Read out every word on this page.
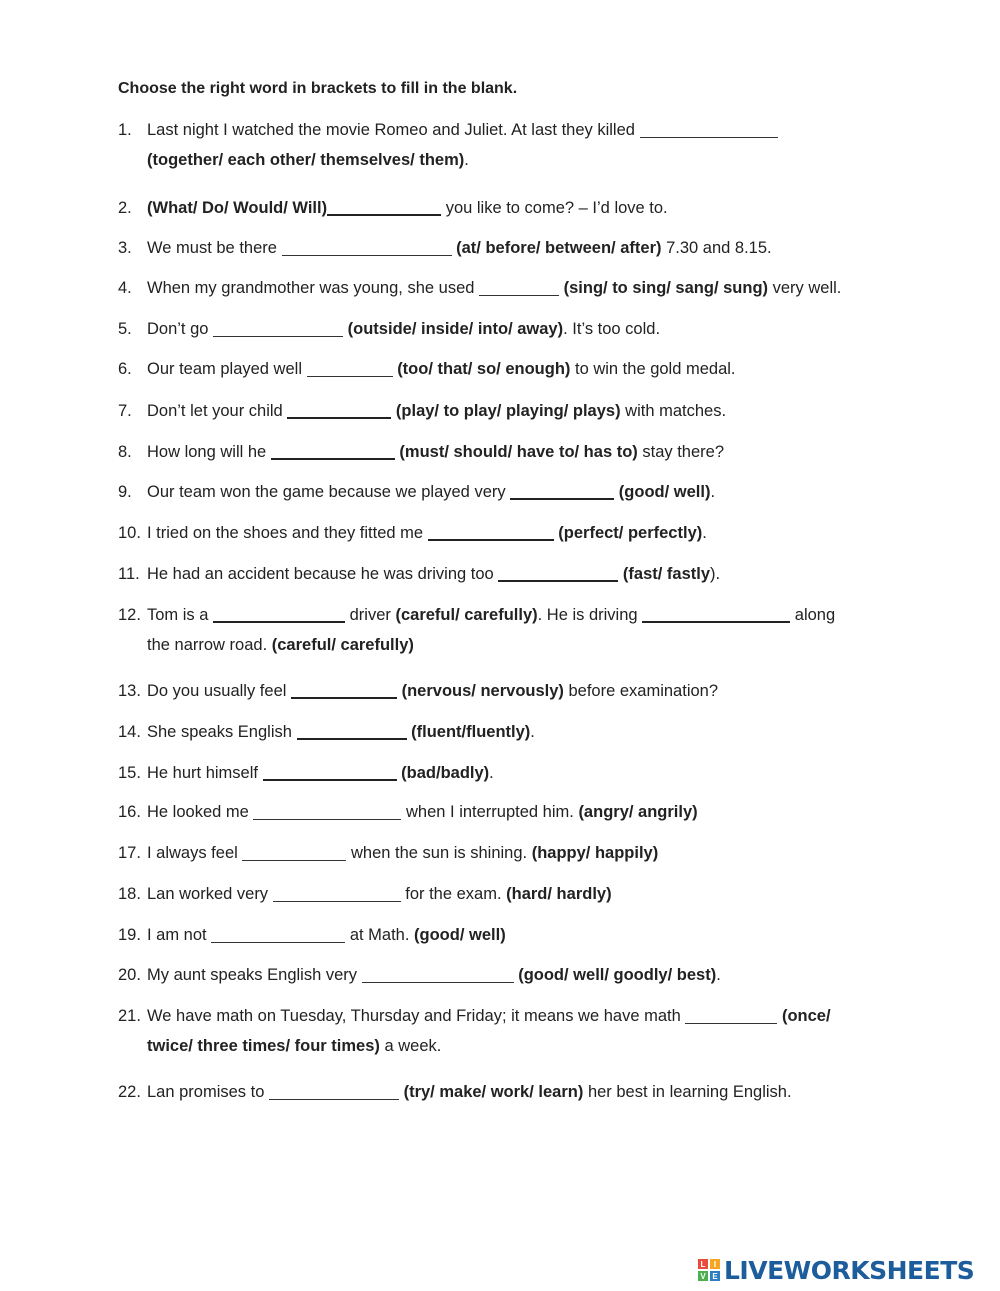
Choose the right word in brackets to fill in the blank.
1. Last night I watched the movie Romeo and Juliet. At last they killed
(together/ each other/ themselves/ them).
2. (What/ Do/ Would/ Will)	you like to come? – I’d love to.
3. We must be there	(at/ before/ between/ after) 7.30 and 8.15.
4. When my grandmother was young, she used	(sing/ to sing/ sang/ sung) very well.
5. Don’t go	(outside/ inside/ into/ away). It’s too cold.
6. Our team played well	(too/ that/ so/ enough) to win the gold medal.
7. Don’t let your child	(play/ to play/ playing/ plays) with matches.
8. How long will he	(must/ should/ have to/ has to) stay there?
9. Our team won the game because we played very	(good/ well).
10. I tried on the shoes and they fitted me	(perfect/ perfectly).
11. He had an accident because he was driving too	(fast/ fastly).
12. Tom is a	driver (careful/ carefully). He is driving	along
the narrow road. (careful/ carefully)
13. Do you usually feel	(nervous/ nervously) before examination?
14. She speaks English	(fluent/fluently).
15. He hurt himself	(bad/badly).
16. He looked me	when I interrupted him. (angry/ angrily)
17. I always feel	when the sun is shining. (happy/ happily)
18. Lan worked very	for the exam. (hard/ hardly)
19. I am not	at Math. (good/ well)
20. My aunt speaks English very	(good/ well/ goodly/ best).
21. We have math on Tuesday, Thursday and Friday; it means we have math	(once/
twice/ three times/ four times) a week.
22. Lan promises to	(try/ make/ work/ learn) her best in learning English.
L	I
V E LIVEWORKSHEETS
